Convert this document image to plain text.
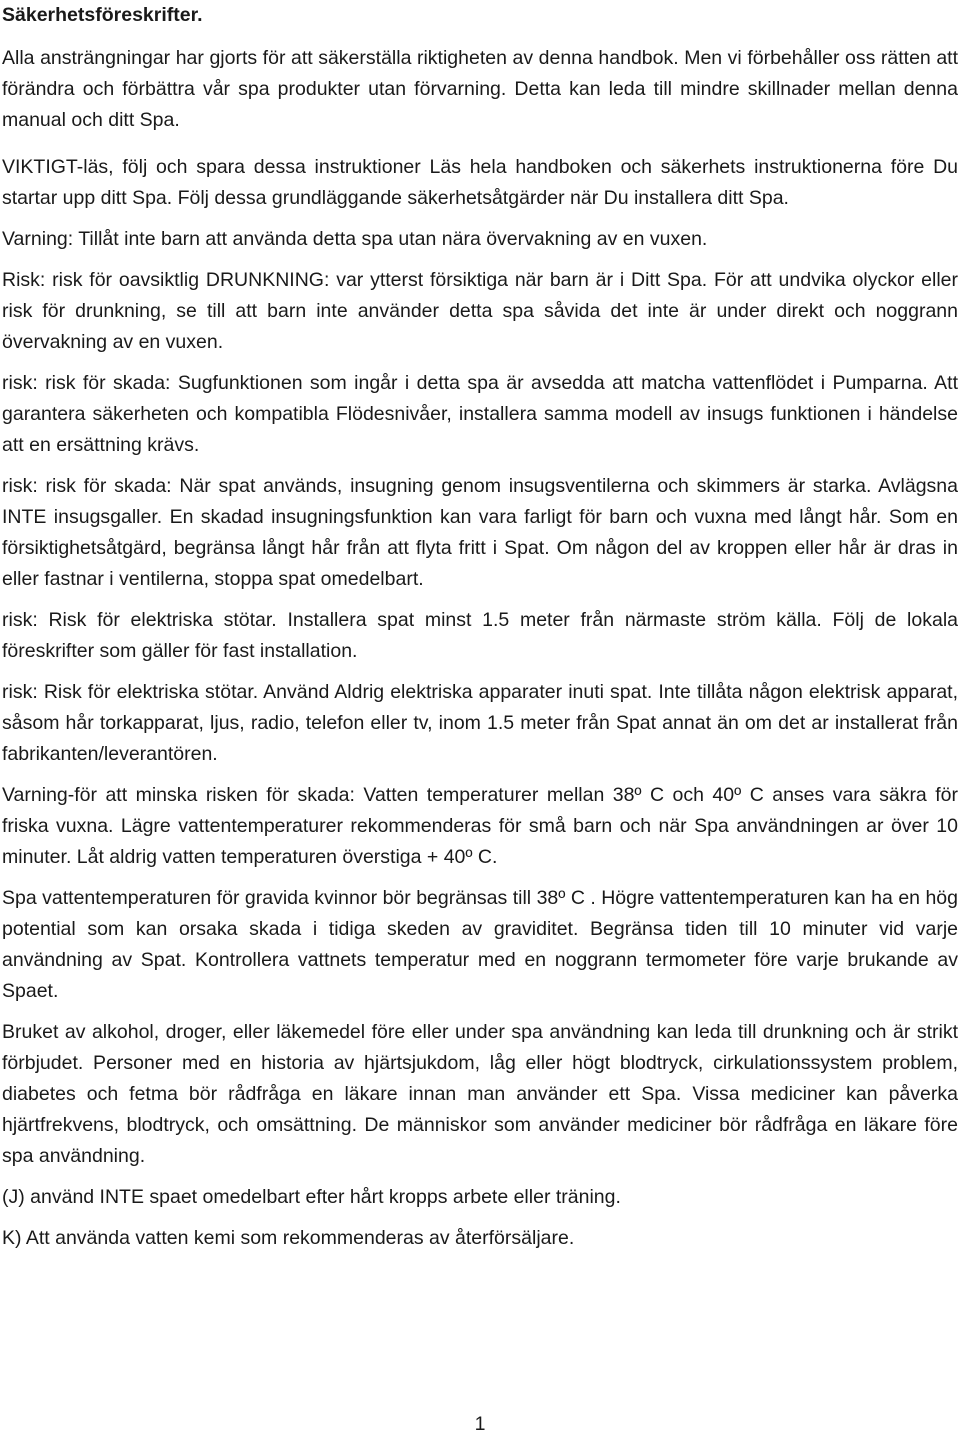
Säkerhetsföreskrifter.

Alla ansträngningar har gjorts för att säkerställa riktigheten av denna handbok. Men vi förbehåller oss rätten att förändra och förbättra vår spa produkter utan förvarning. Detta kan leda till mindre skillnader mellan denna manual och ditt Spa.

VIKTIGT-läs, följ och spara dessa instruktioner Läs hela handboken och säkerhets instruktionerna före Du startar upp ditt Spa. Följ dessa grundläggande säkerhetsåtgärder när Du installera ditt Spa.

Varning: Tillåt inte barn att använda detta spa utan nära övervakning av en vuxen.

Risk: risk för oavsiktlig DRUNKNING: var ytterst försiktiga när barn är i Ditt Spa. För att undvika olyckor eller risk för drunkning, se till att barn inte använder detta spa såvida det inte är under direkt och noggrann övervakning av en vuxen.

risk: risk för skada: Sugfunktionen som ingår i detta spa är avsedda att matcha vattenflödet i Pumparna. Att garantera säkerheten och kompatibla Flödesnivåer, installera samma modell av insugs funktionen i händelse att en ersättning krävs.

risk: risk för skada: När spat används, insugning genom insugsventilerna och skimmers är starka. Avlägsna INTE insugsgaller. En skadad insugningsfunktion kan vara farligt för barn och vuxna med långt hår. Som en försiktighetsåtgärd, begränsa långt hår från att flyta fritt i Spat. Om någon del av kroppen eller hår är dras in eller fastnar i ventilerna, stoppa spat omedelbart.

risk: Risk för elektriska stötar. Installera spat minst 1.5 meter från närmaste ström källa. Följ de lokala föreskrifter som gäller för fast installation.

risk: Risk för elektriska stötar. Använd Aldrig elektriska apparater inuti spat. Inte tillåta någon elektrisk apparat, såsom hår torkapparat, ljus, radio, telefon eller tv, inom 1.5 meter från Spat annat än om det ar installerat från fabrikanten/leverantören.

Varning-för att minska risken för skada: Vatten temperaturer mellan 38º C och 40º C anses vara säkra för friska vuxna. Lägre vattentemperaturer rekommenderas för små barn och när Spa användningen ar över 10 minuter. Låt aldrig vatten temperaturen överstiga + 40º C.

Spa vattentemperaturen för gravida kvinnor bör begränsas till 38º C . Högre vattentemperaturen kan ha en hög potential som kan orsaka skada i tidiga skeden av graviditet. Begränsa tiden till 10 minuter vid varje användning av Spat. Kontrollera vattnets temperatur med en noggrann termometer före varje brukande av Spaet.

Bruket av alkohol, droger, eller läkemedel före eller under spa användning kan leda till drunkning och är strikt förbjudet. Personer med en historia av hjärtsjukdom, låg eller högt blodtryck, cirkulationssystem problem, diabetes och fetma bör rådfråga en läkare innan man använder ett Spa. Vissa mediciner kan påverka hjärtfrekvens, blodtryck, och omsättning. De människor som använder mediciner bör rådfråga en läkare före spa användning.

(J) använd INTE spaet omedelbart efter hårt kropps arbete eller träning.

K) Att använda vatten kemi som rekommenderas av återförsäljare.

1
